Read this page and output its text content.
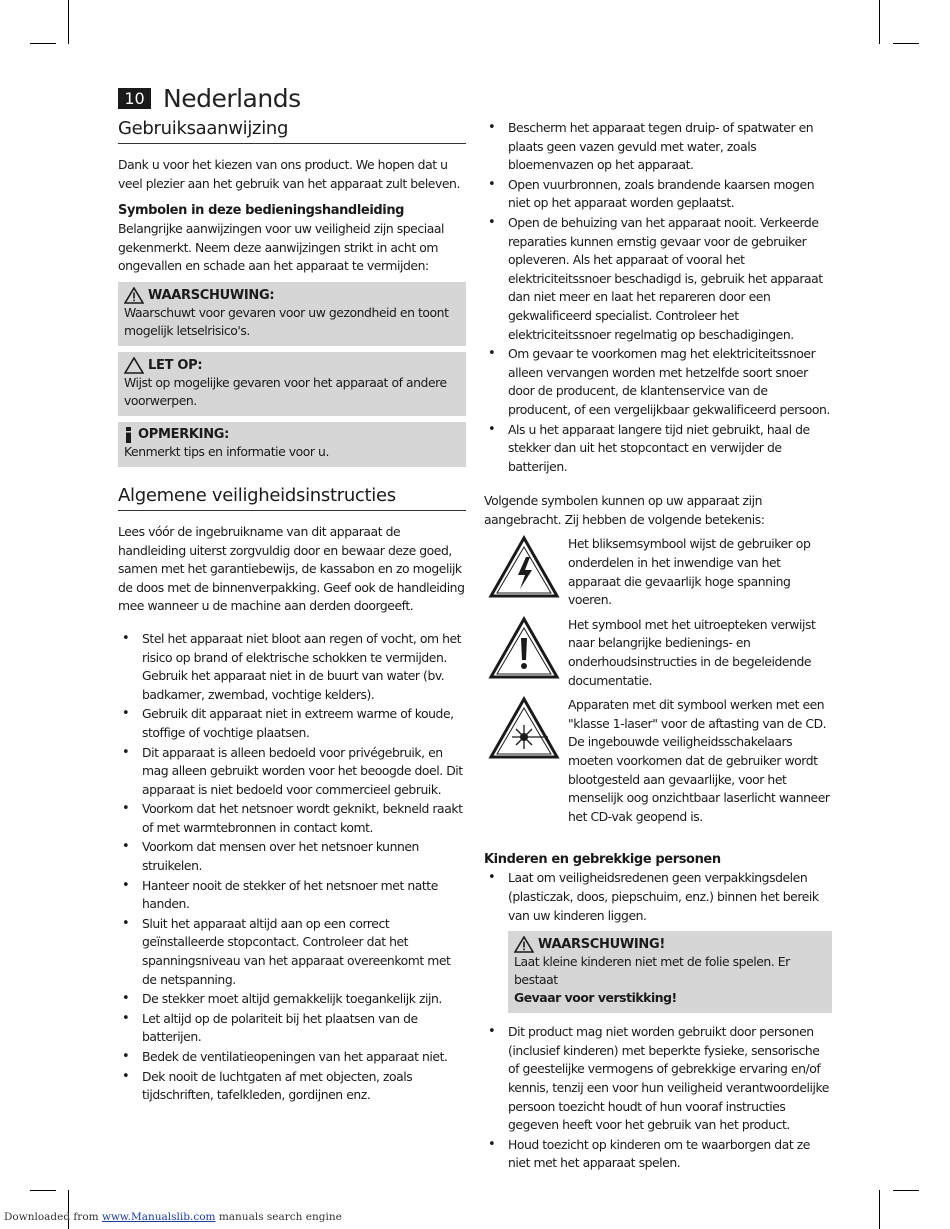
10 Nederlands
Gebruiksaanwijzing

Dank u voor het kiezen van ons product. We hopen dat u veel plezier aan het gebruik van het apparaat zult beleven.

Symbolen in deze bedieningshandleiding

Belangrijke aanwijzingen voor uw veiligheid zijn speciaal gekenmerkt. Neem deze aanwijzingen strikt in acht om ongevallen en schade aan het apparaat te vermijden:

WAARSCHUWING:
Waarschuwt voor gevaren voor uw gezondheid en toont mogelijk letselrisico's.
LET OP:
Wijst op mogelijke gevaren voor het apparaat of andere voorwerpen.
OPMERKING:
Kenmerkt tips en informatie voor u.
Algemene veiligheidsinstructies

Lees vóór de ingebruikname van dit apparaat de handleiding uiterst zorgvuldig door en bewaar deze goed, samen met het garantiebewijs, de kassabon en zo mogelijk de doos met de binnenverpakking. Geef ook de handleiding mee wanneer u de machine aan derden doorgeeft.

• Stel het apparaat niet bloot aan regen of vocht, om het risico op brand of elektrische schokken te vermijden. Gebruik het apparaat niet in de buurt van water (bv. badkamer, zwembad, vochtige kelders).
• Gebruik dit apparaat niet in extreem warme of koude, stoffige of vochtige plaatsen.
• Dit apparaat is alleen bedoeld voor privégebruik, en mag alleen gebruikt worden voor het beoogde doel. Dit apparaat is niet bedoeld voor commercieel gebruik.
• Voorkom dat het netsnoer wordt geknikt, bekneld raakt of met warmtebronnen in contact komt.
• Voorkom dat mensen over het netsnoer kunnen struikelen.
• Hanteer nooit de stekker of het netsnoer met natte handen.
• Sluit het apparaat altijd aan op een correct geïnstalleerde stopcontact. Controleer dat het spanningsniveau van het apparaat overeenkomt met de netspanning.
• De stekker moet altijd gemakkelijk toegankelijk zijn.
• Let altijd op de polariteit bij het plaatsen van de batterijen.
• Bedek de ventilatieopeningen van het apparaat niet.
• Dek nooit de luchtgaten af met objecten, zoals tijdschriften, tafelkleden, gordijnen enz.
• Bescherm het apparaat tegen druip- of spatwater en plaats geen vazen gevuld met water, zoals bloemenvazen op het apparaat.
• Open vuurbronnen, zoals brandende kaarsen mogen niet op het apparaat worden geplaatst.
• Open de behuizing van het apparaat nooit. Verkeerde reparaties kunnen ernstig gevaar voor de gebruiker opleveren. Als het apparaat of vooral het elektriciteitssnoer beschadigd is, gebruik het apparaat dan niet meer en laat het repareren door een gekwalificeerd specialist. Controleer het elektriciteitssnoer regelmatig op beschadigingen.
• Om gevaar te voorkomen mag het elektriciteitssnoer alleen vervangen worden met hetzelfde soort snoer door de producent, de klantenservice van de producent, of een vergelijkbaar gekwalificeerd persoon.
• Als u het apparaat langere tijd niet gebruikt, haal de stekker dan uit het stopcontact en verwijder de batterijen.

Volgende symbolen kunnen op uw apparaat zijn aangebracht. Zij hebben de volgende betekenis:

Het bliksemsymbool wijst de gebruiker op onderdelen in het inwendige van het apparaat die gevaarlijk hoge spanning voeren.

Het symbool met het uitroepteken verwijst naar belangrijke bedienings- en onderhoudsinstructies in de begeleidende documentatie.

Apparaten met dit symbool werken met een "klasse 1-laser" voor de aftasting van de CD. De ingebouwde veiligheidsschakelaars moeten voorkomen dat de gebruiker wordt blootgesteld aan gevaarlijke, voor het menselijk oog onzichtbaar laserlicht wanneer het CD-vak geopend is.

Kinderen en gebrekkige personen
• Laat om veiligheidsredenen geen verpakkingsdelen (plasticzak, doos, piepschuim, enz.) binnen het bereik van uw kinderen liggen.
WAARSCHUWING!
Laat kleine kinderen niet met de folie spelen. Er bestaat
Gevaar voor verstikking!
• Dit product mag niet worden gebruikt door personen (inclusief kinderen) met beperkte fysieke, sensorische of geestelijke vermogens of gebrekkige ervaring en/of kennis, tenzij een voor hun veiligheid verantwoordelijke persoon toezicht houdt of hun vooraf instructies gegeven heeft voor het gebruik van het product.
• Houd toezicht op kinderen om te waarborgen dat ze niet met het apparaat spelen.
Downloaded from www.Manualslib.com manuals search engine
